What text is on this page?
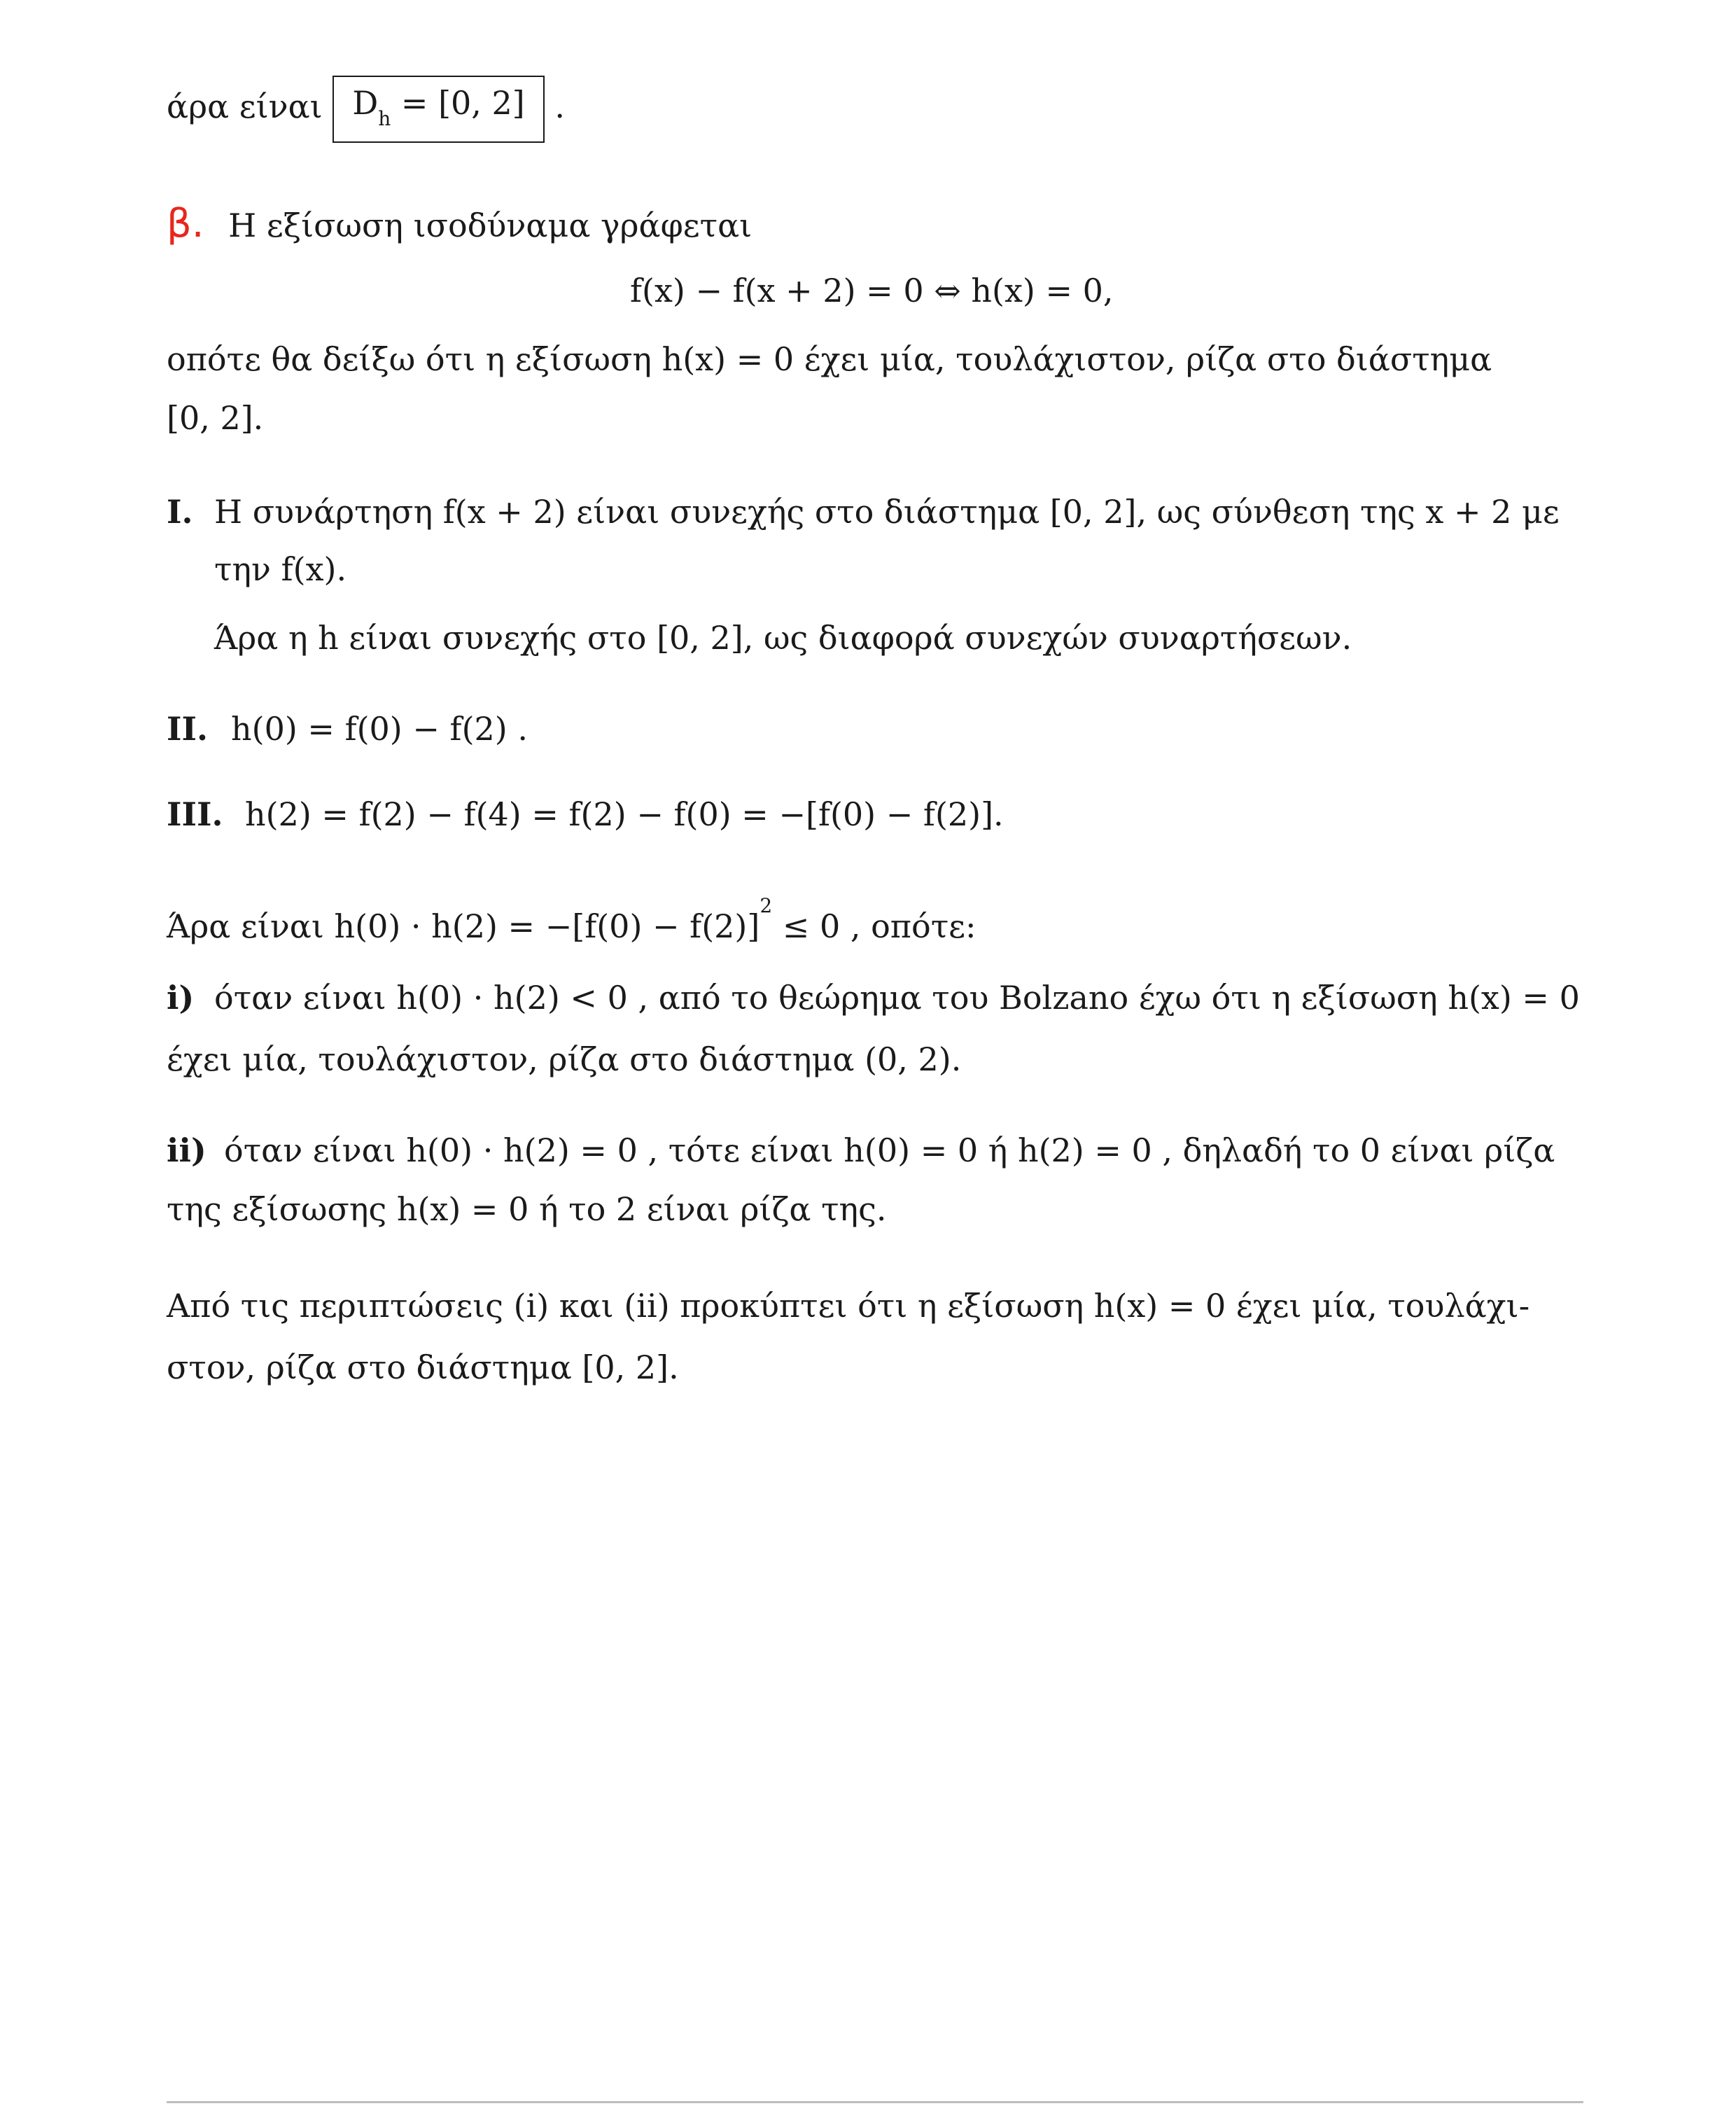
άρα είναι $D_h = [0$, 2] .
β. Η εξίσωση ισοδύναμα γράφεται
f(x) − f(x + 2) = 0 ⇔ h(x) = 0,
οπότε θα δείξω ότι η εξίσωση h(x) = 0 έχει μία, τουλάχιστον, ρίζα στο διάστημα
[0, 2].
I. Η συνάρτηση f(x + 2) είναι συνεχής στο διάστημα [0, 2], ως σύνθεση της x + 2 με
την f(x).
Άρα η h είναι συνεχής στο [0, 2], ως διαφορά συνεχών συναρτήσεων.
II. h(0) = f(0) − f(2) .
III. h(2) = f(2) − f(4) = f(2) − f(0) = −[f(0) − f(2)].
Άρα είναι $h(0) \cdot h(2) = -[f(0) - f(2)]^2 \le 0$ , οπότε:
i) όταν είναι h(0) · h(2) < 0 , από το θεώρημα του Bolzano έχω ότι η εξίσωση h(x) = 0
έχει μία, τουλάχιστον, ρίζα στο διάστημα (0, 2).
ii) όταν είναι h(0) · h(2) = 0 , τότε είναι h(0) = 0 ή h(2) = 0 , δηλαδή το 0 είναι ρίζα
της εξίσωσης h(x) = 0 ή το 2 είναι ρίζα της.
Από τις περιπτώσεις (i) και (ii) προκύπτει ότι η εξίσωση h(x) = 0 έχει μία, τουλάχι-
στον, ρίζα στο διάστημα [0, 2].
